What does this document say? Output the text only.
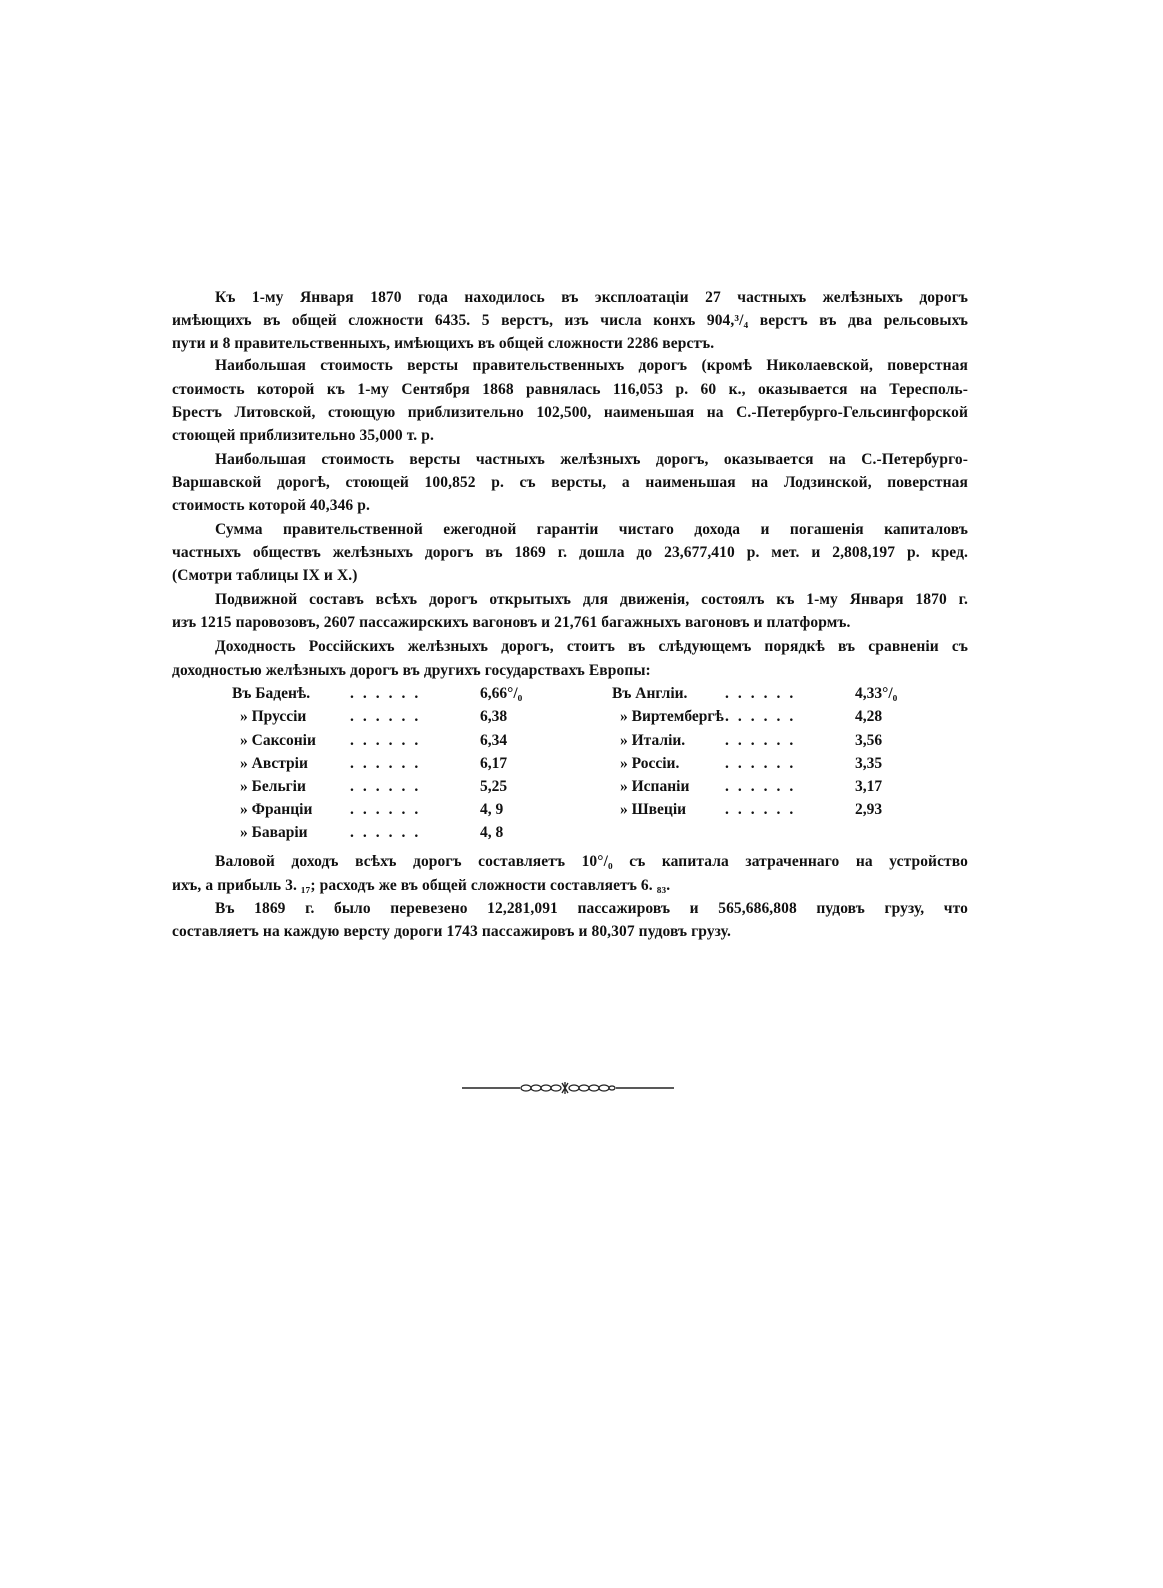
Къ 1-му Января 1870 года находилось въ эксплоатаціи 27 частныхъ желѣзныхъ дорогъ
имѣющихъ въ общей сложности 6435. 5 верстъ, изъ числа конхъ 904,³/₄ верстъ въ два рельсовыхъ
пути и 8 правительственныхъ, имѣющихъ въ общей сложности 2286 верстъ.
Наибольшая стоимость версты правительственныхъ дорогъ (кромѣ Николаевской, поверстная
стоимость которой къ 1-му Сентября 1868 равнялась 116,053 р. 60 к., оказывается на Тересполь-
Брестъ Литовской, стоющую приблизительно 102,500, наименьшая на С.-Петербурго-Гельсингфорской
стоющей приблизительно 35,000 т. р.
Наибольшая стоимость версты частныхъ желѣзныхъ дорогъ, оказывается на С.-Петербурго-
Варшавской дорогѣ, стоющей 100,852 р. съ версты, а наименьшая на Лодзинской, поверстная
стоимость которой 40,346 р.
Сумма правительственной ежегодной гарантіи чистаго дохода и погашенія капиталовъ
частныхъ обществъ желѣзныхъ дорогъ въ 1869 г. дошла до 23,677,410 р. мет. и 2,808,197 р. кред.
(Смотри таблицы IX и X.)
Подвижной составъ всѣхъ дорогъ открытыхъ для движенія, состоялъ къ 1-му Января 1870 г.
изъ 1215 паровозовъ, 2607 пассажирскихъ вагоновъ и 21,761 багажныхъ вагоновъ и платформъ.
Доходность Россійскихъ желѣзныхъ дорогъ, стоитъ въ слѣдующемъ порядкѣ въ сравненіи съ
доходностью желѣзныхъ дорогъ въ другихъ государствахъ Европы:
Валовой доходъ всѣхъ дорогъ составляетъ 10°/₀ съ капитала затраченнаго на устройство
ихъ, а прибыль 3. ₁₇; расходъ же въ общей сложности составляетъ 6. ₈₃.
Въ 1869 г. было перевезено 12,281,091 пассажировъ и 565,686,808 пудовъ грузу, что
составляетъ на каждую версту дороги 1743 пассажировъ и 80,307 пудовъ грузу.
Въ Баденѣ.	......	6,66°/₀
» Пруссіи	......	6,38
» Саксоніи ......	6,34
» Австріи	......	6,17
» Бельгіи	......	5,25
» Франціи ......	4, 9
» Баваріи	......	4, 8
Въ Англіи. ......	4,33°/₀
» Виртембергѣ ......	4,28
» Италіи.	......	3,56
» Россіи.	......	3,35
» Испаніи ......	3,17
» Швеціи	......	2,93
